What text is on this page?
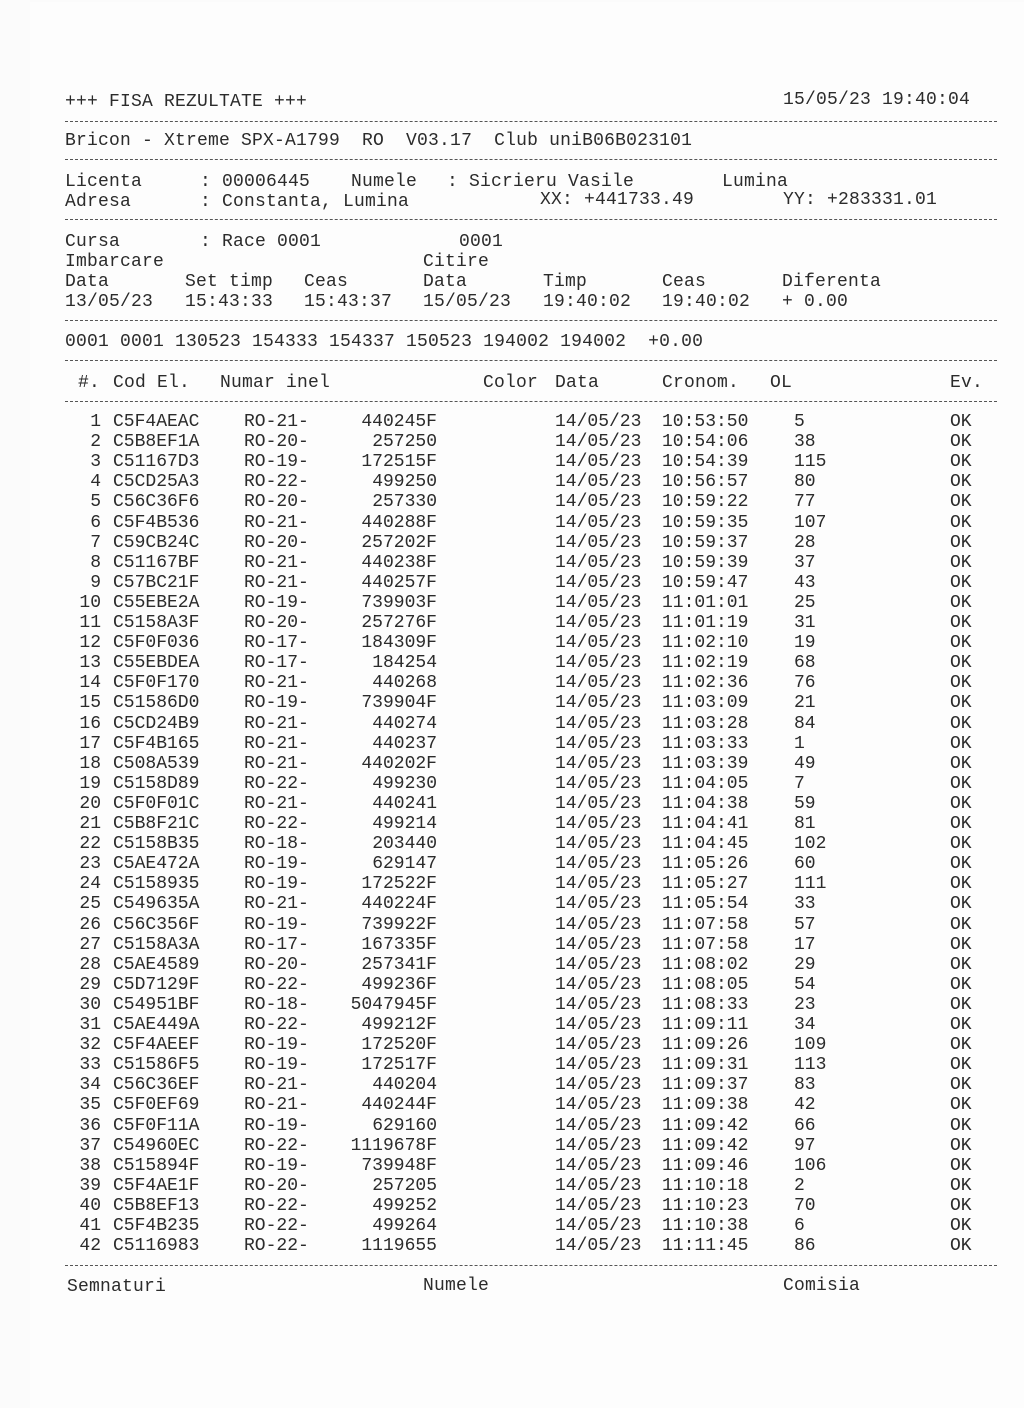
+++ FISA REZULTATE +++	15/05/23 19:40:04
Bricon - Xtreme SPX-A1799  RO  V03.17  Club uniB06B023101
Licenta	: 00006445 Numele : Sicrieru Vasile	Lumina
Adresa	: Constanta, Lumina	XX: +441733.49	YY: +283331.01
Cursa	: Race 0001	0001
Imbarcare	Citire
Data	Set timp Ceas	Data	Timp	Ceas	Diferenta
13/05/23 15:43:33 15:43:37 15/05/23 19:40:02 19:40:02 + 0.00
0001 0001 130523 154333 154337 150523 194002 194002  +0.00
#. Cod El. Numar inel	Color Data	Cronom. OL	Ev.
1 C5F4AEAC RO-21-	440245F	14/05/23 10:53:50	5	OK
2 C5B8EF1A RO-20-	257250	14/05/23 10:54:06	38	OK
3 C51167D3 RO-19-	172515F	14/05/23 10:54:39	115	OK
4 C5CD25A3 RO-22-	499250	14/05/23 10:56:57	80	OK
5 C56C36F6 RO-20-	257330	14/05/23 10:59:22	77	OK
6 C5F4B536 RO-21-	440288F	14/05/23 10:59:35	107	OK
7 C59CB24C RO-20-	257202F	14/05/23 10:59:37	28	OK
8 C51167BF RO-21-	440238F	14/05/23 10:59:39	37	OK
9 C57BC21F RO-21-	440257F	14/05/23 10:59:47	43	OK
10 C55EBE2A RO-19-	739903F	14/05/23 11:01:01	25	OK
11 C5158A3F RO-20-	257276F	14/05/23 11:01:19	31	OK
12 C5F0F036 RO-17-	184309F	14/05/23 11:02:10	19	OK
13 C55EBDEA RO-17-	184254	14/05/23 11:02:19	68	OK
14 C5F0F170 RO-21-	440268	14/05/23 11:02:36	76	OK
15 C51586D0 RO-19-	739904F	14/05/23 11:03:09	21	OK
16 C5CD24B9 RO-21-	440274	14/05/23 11:03:28	84	OK
17 C5F4B165 RO-21-	440237	14/05/23 11:03:33	1	OK
18 C508A539 RO-21-	440202F	14/05/23 11:03:39	49	OK
19 C5158D89 RO-22-	499230	14/05/23 11:04:05	7	OK
20 C5F0F01C RO-21-	440241	14/05/23 11:04:38	59	OK
21 C5B8F21C RO-22-	499214	14/05/23 11:04:41	81	OK
22 C5158B35 RO-18-	203440	14/05/23 11:04:45	102	OK
23 C5AE472A RO-19-	629147	14/05/23 11:05:26	60	OK
24 C5158935 RO-19-	172522F	14/05/23 11:05:27	111	OK
25 C549635A RO-21-	440224F	14/05/23 11:05:54	33	OK
26 C56C356F RO-19-	739922F	14/05/23 11:07:58	57	OK
27 C5158A3A RO-17-	167335F	14/05/23 11:07:58	17	OK
28 C5AE4589 RO-20-	257341F	14/05/23 11:08:02	29	OK
29 C5D7129F RO-22-	499236F	14/05/23 11:08:05	54	OK
30 C54951BF RO-18- 5047945F	14/05/23 11:08:33	23	OK
31 C5AE449A RO-22-	499212F	14/05/23 11:09:11	34	OK
32 C5F4AEEF RO-19-	172520F	14/05/23 11:09:26	109	OK
33 C51586F5 RO-19-	172517F	14/05/23 11:09:31	113	OK
34 C56C36EF RO-21-	440204	14/05/23 11:09:37	83	OK
35 C5F0EF69 RO-21-	440244F	14/05/23 11:09:38	42	OK
36 C5F0F11A RO-19-	629160	14/05/23 11:09:42	66	OK
37 C54960EC RO-22- 1119678F	14/05/23 11:09:42	97	OK
38 C515894F RO-19-	739948F	14/05/23 11:09:46	106	OK
39 C5F4AE1F RO-20-	257205	14/05/23 11:10:18	2	OK
40 C5B8EF13 RO-22-	499252	14/05/23 11:10:23	70	OK
41 C5F4B235 RO-22-	499264	14/05/23 11:10:38	6	OK
42 C5116983 RO-22-	1119655	14/05/23 11:11:45	86	OK
Semnaturi	Numele	Comisia
